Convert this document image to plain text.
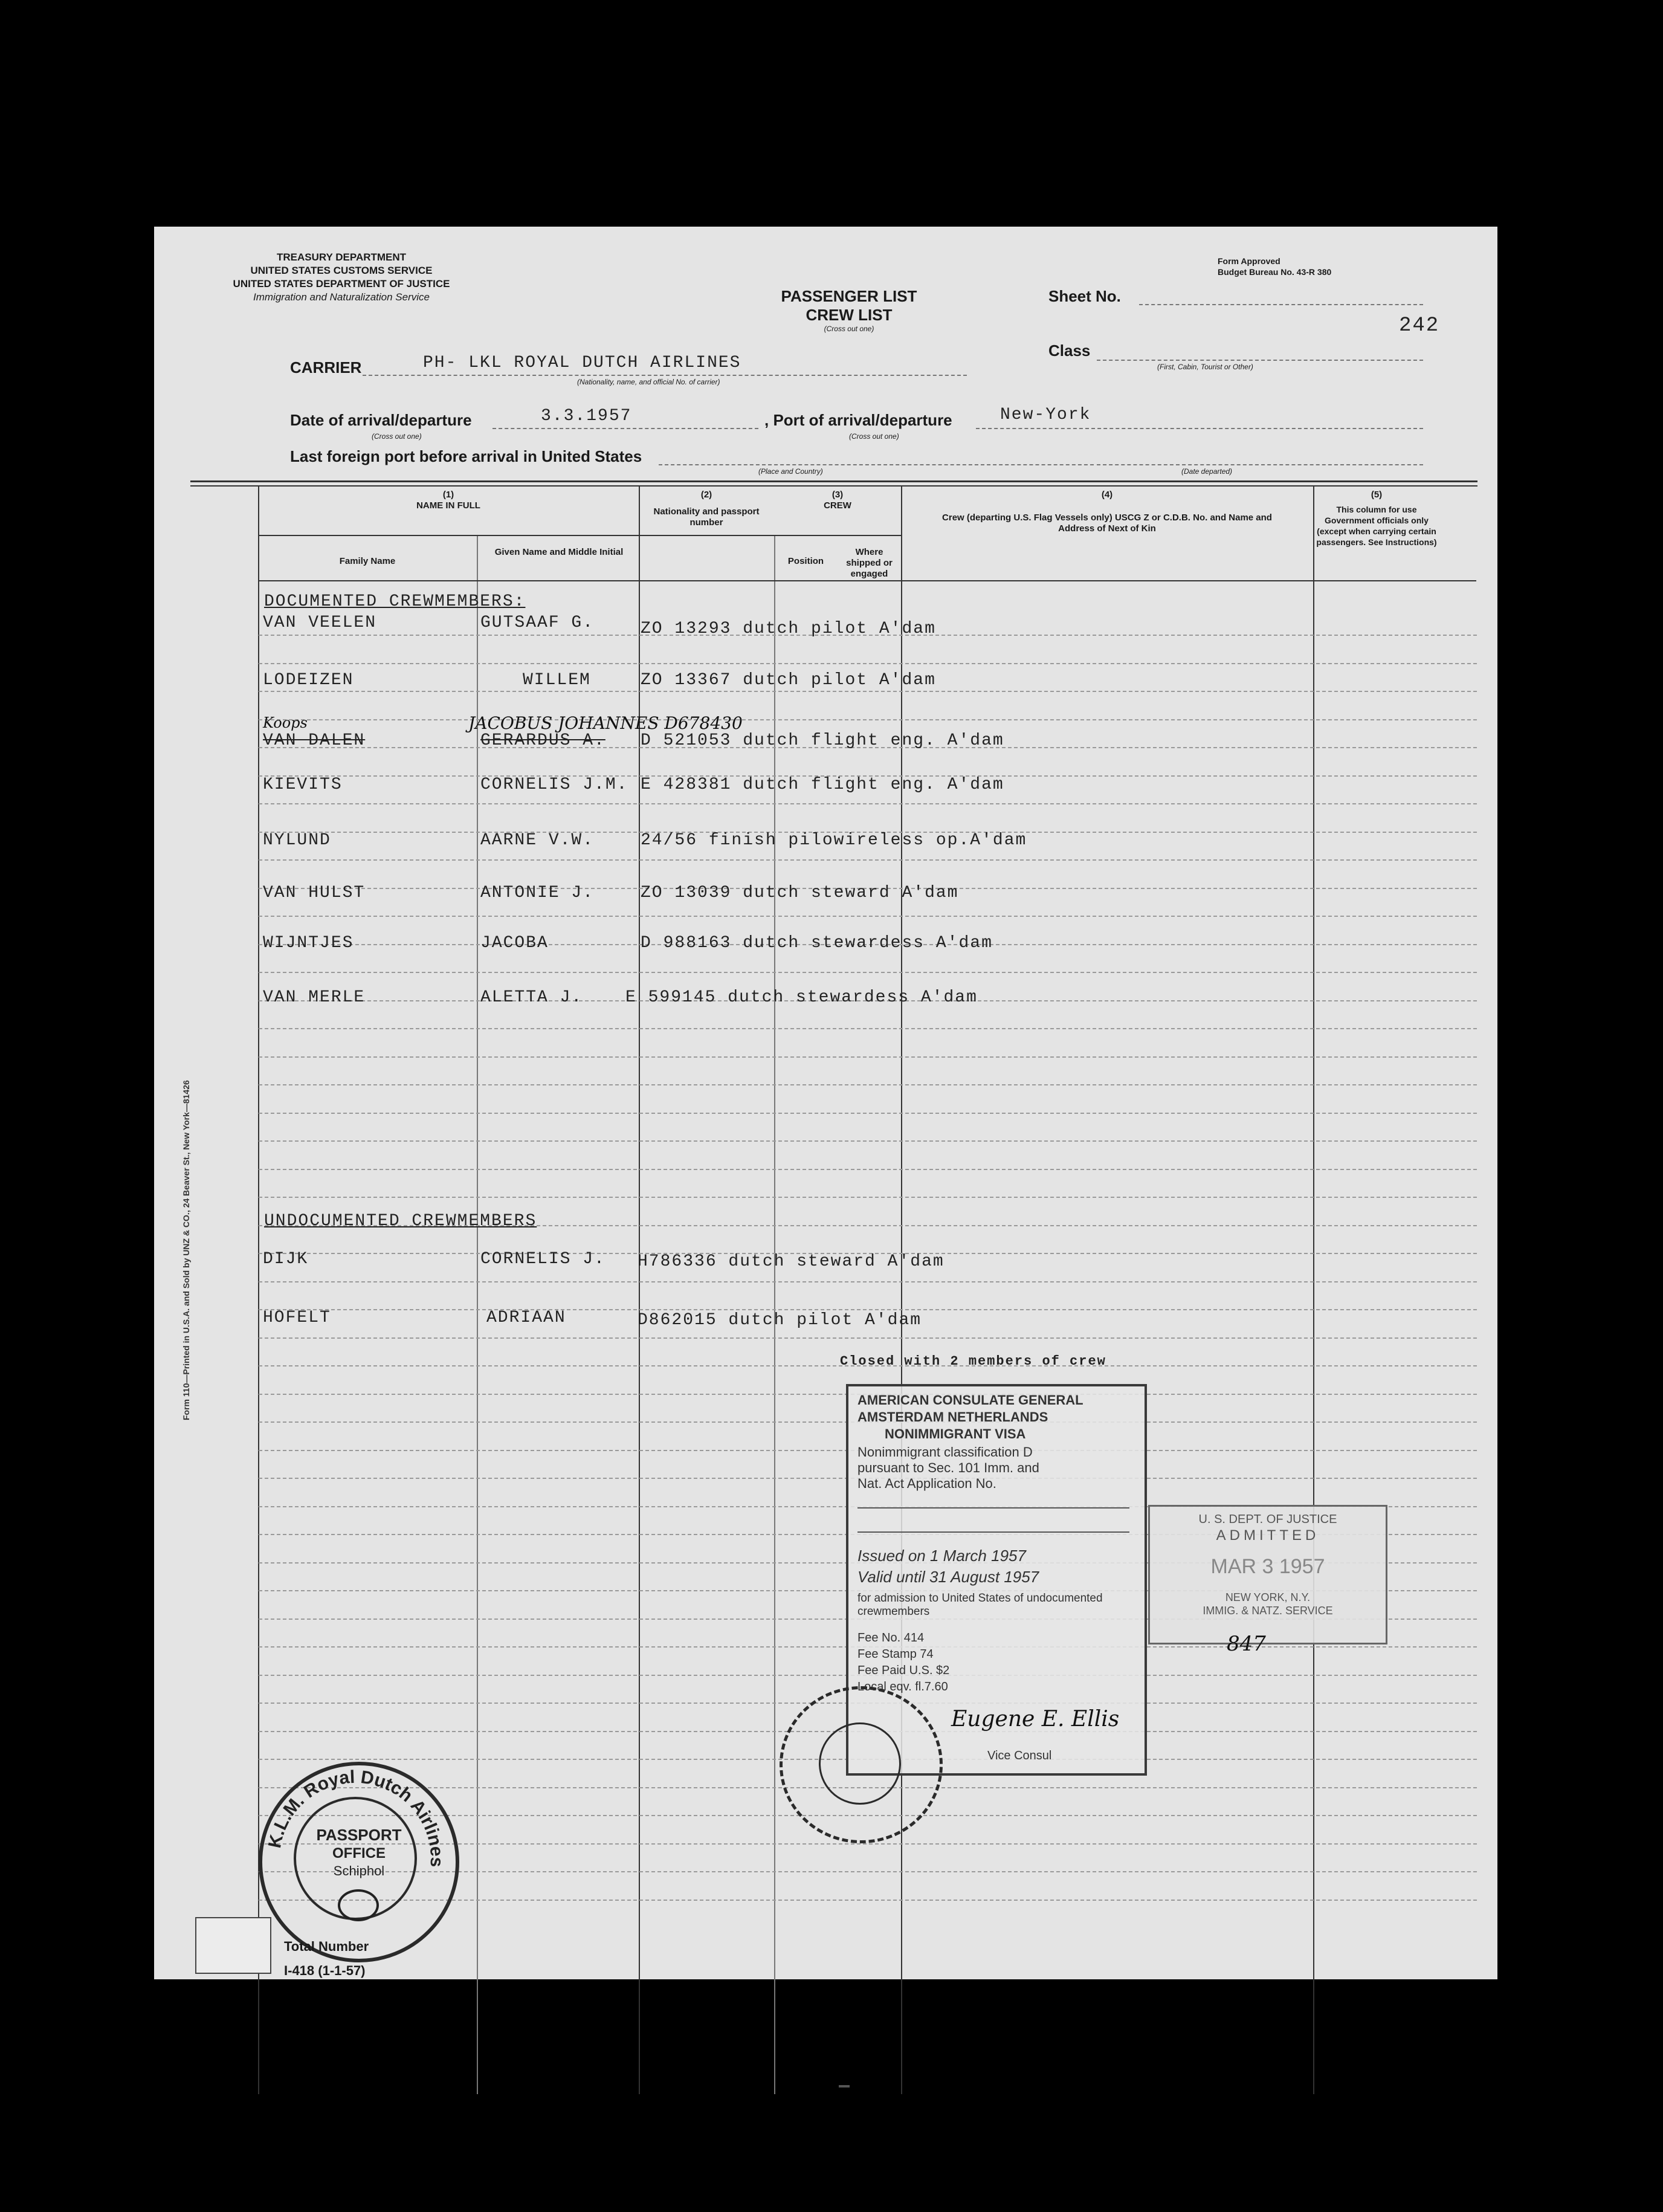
TREASURY DEPARTMENT
UNITED STATES CUSTOMS SERVICE
UNITED STATES DEPARTMENT OF JUSTICE
Immigration and Naturalization Service
Form Approved
Budget Bureau No. 43-R 380
PASSENGER LIST
CREW LIST
(Cross out one)
Sheet No.
242
Class
(First, Cabin, Tourist or Other)
CARRIER	PH- LKL ROYAL DUTCH AIRLINES
(Nationality, name, and official No. of carrier)
Date of arrival/departure
(Cross out one)
3.3.1957	, Port of arrival/departure
(Cross out one)
New-York
Last foreign port before arrival in United States
(Place and Country)	(Date departed)
(1)
NAME IN FULL
Family Name
Given Name and Middle Initial
(2)
Nationality and passport number
(3)
CREW
Position
Where shipped or engaged
(4)
Crew (departing U.S. Flag Vessels only) USCG Z or C.D.B. No. and Name and Address of Next of Kin
(5)
This column for use Government officials only (except when carrying certain passengers. See Instructions)
DOCUMENTED CREWMEMBERS:
VAN VEELEN	GUTSAAF G.	ZO 13293 dutch pilot A'dam
LODEIZEN	WILLEM	ZO 13367 dutch pilot A'dam
Koops	JACOBUS JOHANNES D678430
VAN DALEN	GERARDUS A. D 521053 dutch flight eng. A'dam
KIEVITS	CORNELIS J.M. E 428381 dutch flight eng. A'dam
NYLUND	AARNE V.W.	24/56 finish pilowireless op.A'dam
VAN HULST	ANTONIE J.	ZO 13039 dutch steward A'dam
WIJNTJES	JACOBA	D 988163 dutch stewardess A'dam
VAN MERLE	ALETTA J.	E 599145 dutch stewardess A'dam
UNDOCUMENTED CREWMEMBERS
DIJK	CORNELIS J. H786336 dutch steward A'dam
HOFELT	ADRIAAN	D862015 dutch pilot A'dam
Closed with 2 members of crew
AMERICAN CONSULATE GENERAL
AMSTERDAM NETHERLANDS
NONIMMIGRANT VISA
Nonimmigrant classification D
pursuant to Sec. 101 Imm. and
Nat. Act Application No.
Issued on 1 March 1957
Valid until 31 August 1957
for admission to United States of undocumented crewmembers
Fee No. 414
Fee Stamp 74
Fee Paid U.S. $2
Local eqv. fl.7.60
Eugene E. Ellis
Vice Consul
U. S. DEPT. OF JUSTICE
ADMITTED
MAR 3 1957
NEW YORK, N.Y.
IMMIG. & NATZ. SERVICE
847
K.L.M. Royal Dutch Airlines
PASSPORT
OFFICE
Schiphol
Form 110—Printed in U.S.A. and Sold by UNZ & CO., 24 Beaver St., New York—81426
Total Number
I-418 (1-1-57)
